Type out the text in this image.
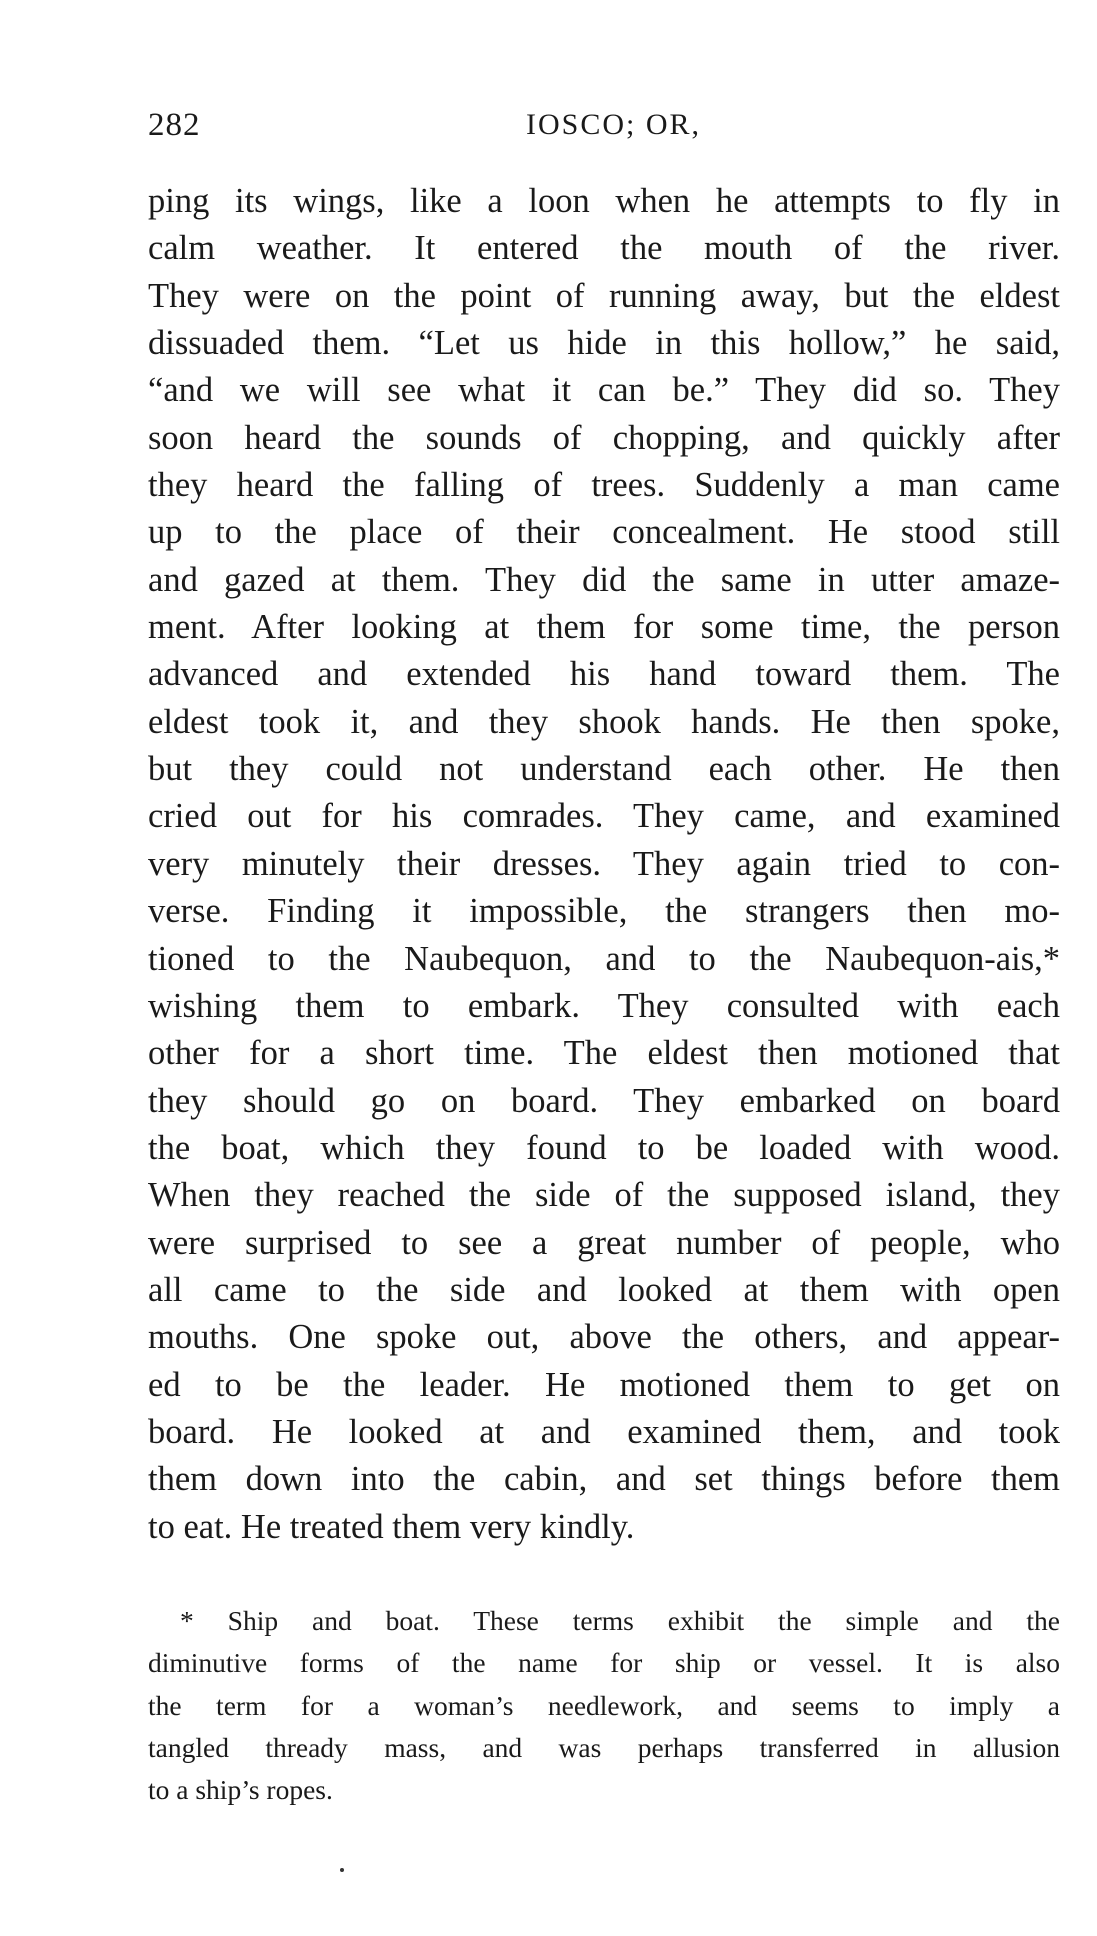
282	IOSCO; OR,
ping its wings, like a loon when he attempts to fly in
calm weather. It entered the mouth of the river.
They were on the point of running away, but the eldest
dissuaded them. “Let us hide in this hollow,” he said,
“and we will see what it can be.” They did so. They
soon heard the sounds of chopping, and quickly after
they heard the falling of trees. Suddenly a man came
up to the place of their concealment. He stood still
and gazed at them. They did the same in utter amaze-
ment. After looking at them for some time, the person
advanced and extended his hand toward them. The
eldest took it, and they shook hands. He then spoke,
but they could not understand each other. He then
cried out for his comrades. They came, and examined
very minutely their dresses. They again tried to con-
verse. Finding it impossible, the strangers then mo-
tioned to the Naubequon, and to the Naubequon-ais,*
wishing them to embark. They consulted with each
other for a short time. The eldest then motioned that
they should go on board. They embarked on board
the boat, which they found to be loaded with wood.
When they reached the side of the supposed island, they
were surprised to see a great number of people, who
all came to the side and looked at them with open
mouths. One spoke out, above the others, and appear-
ed to be the leader. He motioned them to get on
board. He looked at and examined them, and took
them down into the cabin, and set things before them
to eat. He treated them very kindly.
* Ship and boat. These terms exhibit the simple and the
diminutive forms of the name for ship or vessel. It is also
the term for a woman’s needlework, and seems to imply a
tangled thready mass, and was perhaps transferred in allusion
to a ship’s ropes.
